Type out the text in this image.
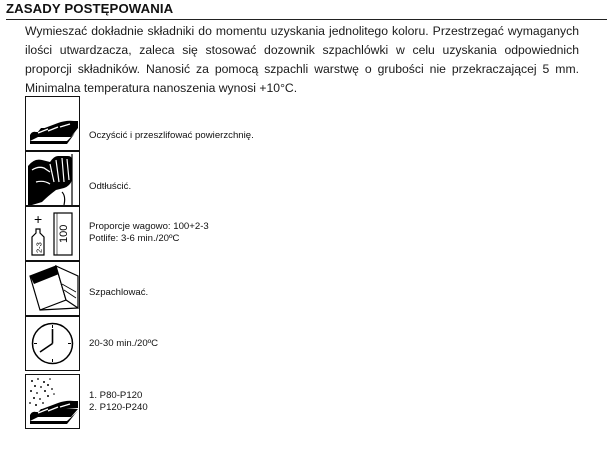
ZASADY POSTĘPOWANIA
Wymieszać dokładnie składniki do momentu uzyskania jednolitego koloru. Przestrzegać wymaganych ilości utwardzacza, zaleca się stosować dozownik szpachlówki w celu uzyskania odpowiednich proporcji składników. Nanosić za pomocą szpachli warstwę o grubości nie przekraczającej 5 mm. Minimalna temperatura nanoszenia wynosi +10°C.
Oczyścić i przeszlifować powierzchnię.
Odtłuścić.
100
2-3
+	Proporcje wagowo: 100+2-3
Potlife: 3-6 min./20ºC
Szpachlować.
20-30 min./20ºC
1. P80-P120
2. P120-P240
